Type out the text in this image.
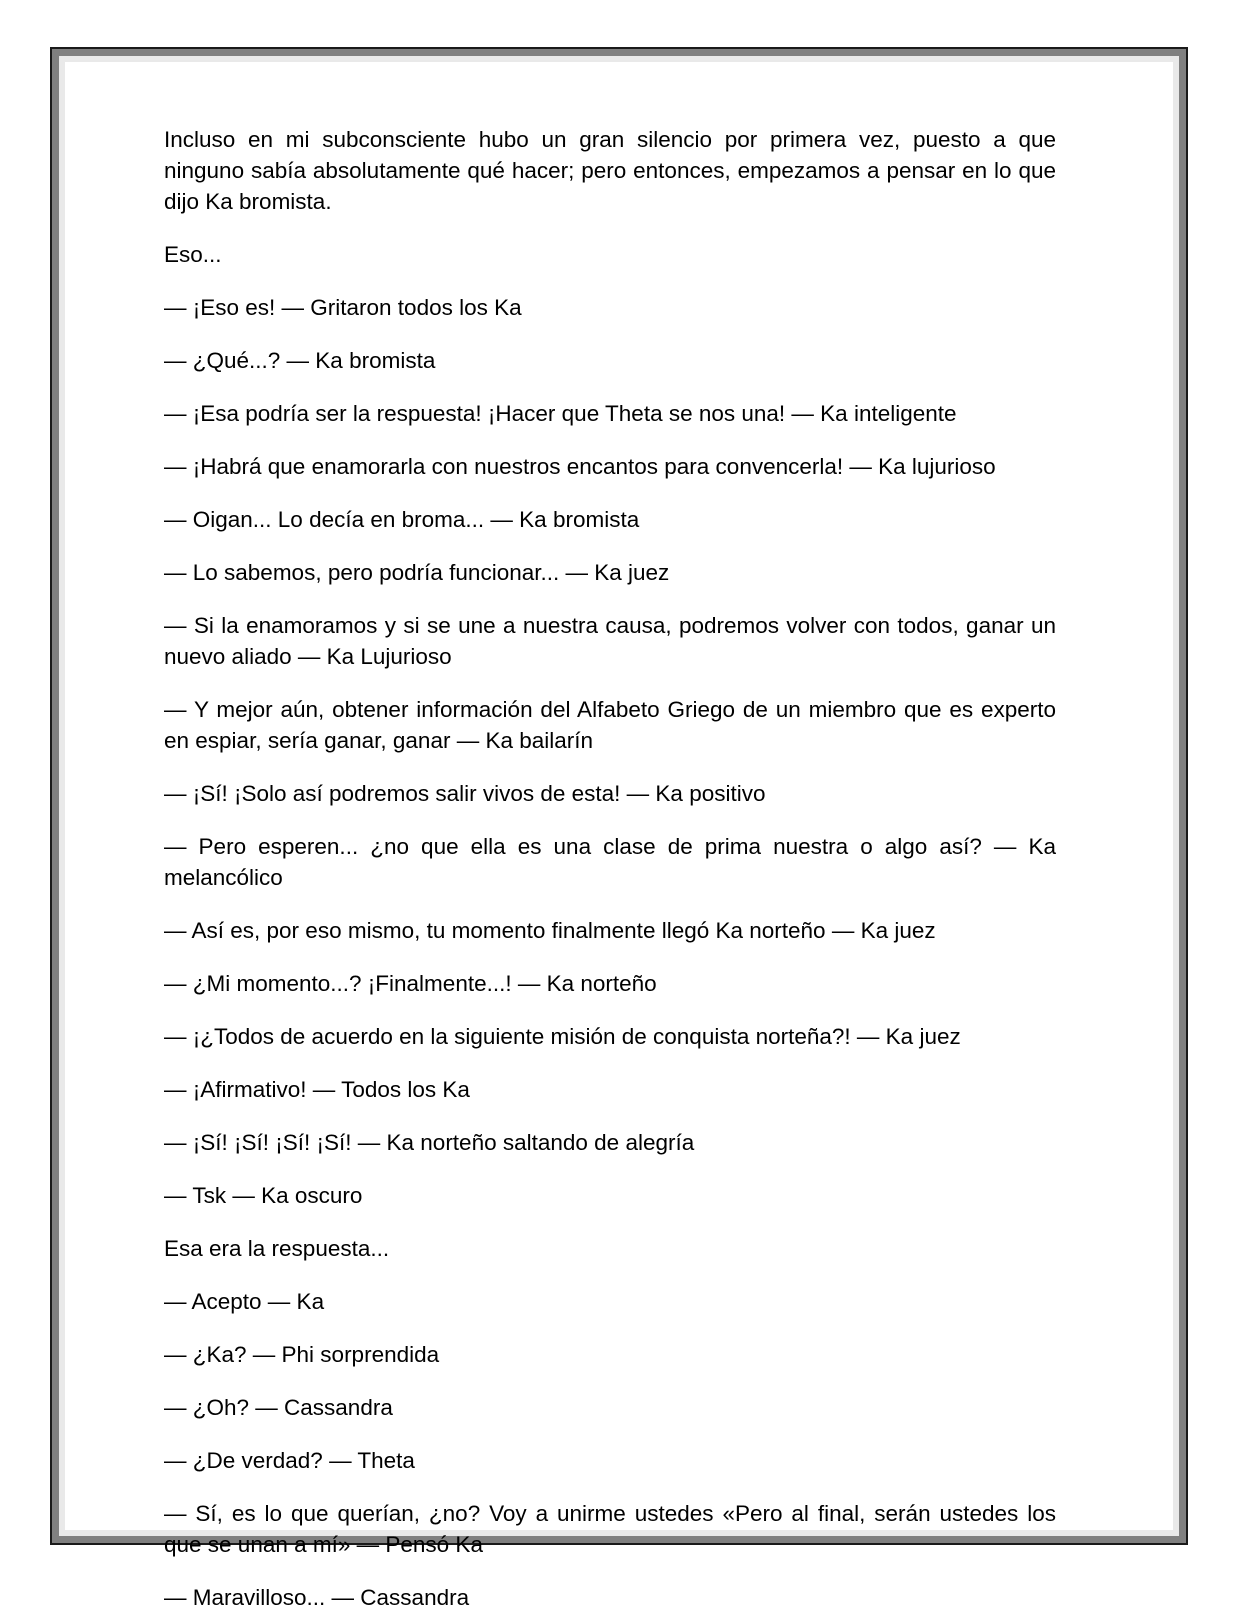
Incluso en mi subconsciente hubo un gran silencio por primera vez, puesto a que ninguno sabía absolutamente qué hacer; pero entonces, empezamos a pensar en lo que dijo Ka bromista.

Eso...

— ¡Eso es! — Gritaron todos los Ka

— ¿Qué...? — Ka bromista

— ¡Esa podría ser la respuesta! ¡Hacer que Theta se nos una! — Ka inteligente

— ¡Habrá que enamorarla con nuestros encantos para convencerla! — Ka lujurioso

— Oigan... Lo decía en broma... — Ka bromista

— Lo sabemos, pero podría funcionar... — Ka juez

— Si la enamoramos y si se une a nuestra causa, podremos volver con todos, ganar un nuevo aliado — Ka Lujurioso

— Y mejor aún, obtener información del Alfabeto Griego de un miembro que es experto en espiar, sería ganar, ganar — Ka bailarín

— ¡Sí! ¡Solo así podremos salir vivos de esta! — Ka positivo

— Pero esperen... ¿no que ella es una clase de prima nuestra o algo así? — Ka melancólico

— Así es, por eso mismo, tu momento finalmente llegó Ka norteño — Ka juez

— ¿Mi momento...? ¡Finalmente...! — Ka norteño

— ¡¿Todos de acuerdo en la siguiente misión de conquista norteña?! — Ka juez

— ¡Afirmativo! — Todos los Ka

— ¡Sí! ¡Sí! ¡Sí! ¡Sí! — Ka norteño saltando de alegría

— Tsk — Ka oscuro

Esa era la respuesta...

— Acepto — Ka

— ¿Ka? — Phi sorprendida

— ¿Oh? — Cassandra

— ¿De verdad? — Theta

— Sí, es lo que querían, ¿no? Voy a unirme ustedes «Pero al final, serán ustedes los que se unan a mí» — Pensó Ka

— Maravilloso... — Cassandra
